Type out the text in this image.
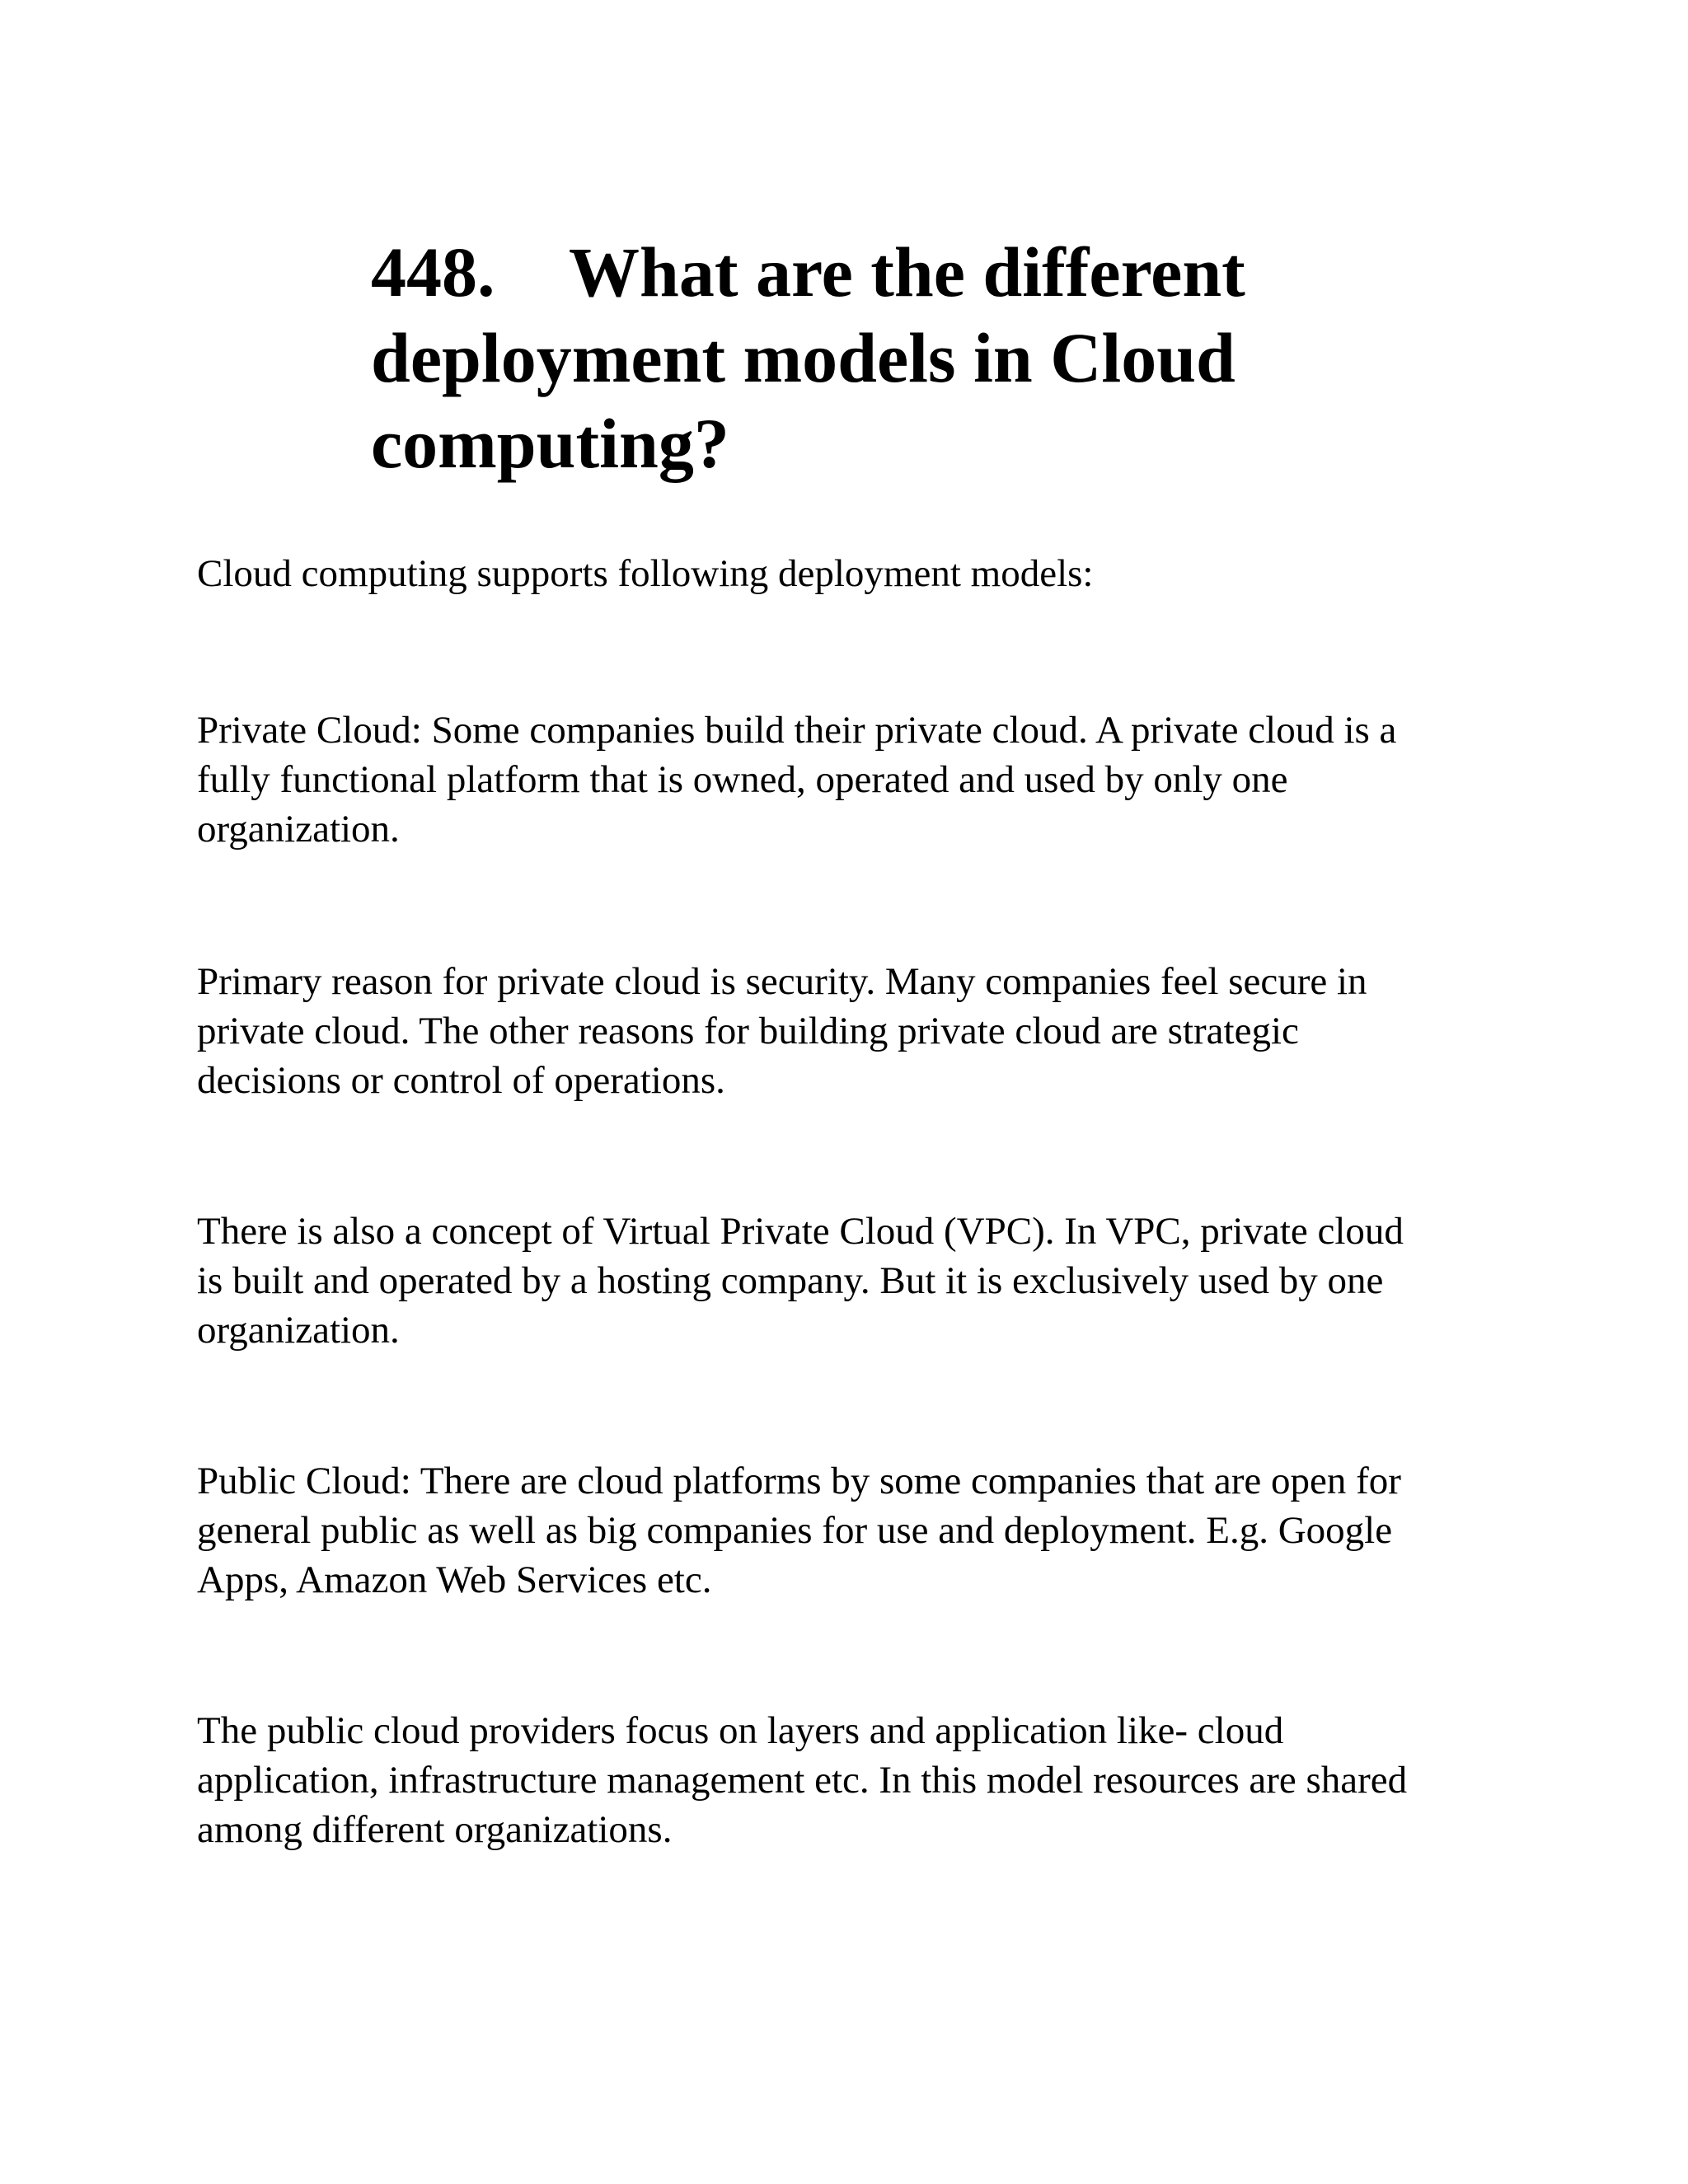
448. What are the different
deployment models in Cloud
computing?

Cloud computing supports following deployment models:

Private Cloud: Some companies build their private cloud. A private cloud is a
fully functional platform that is owned, operated and used by only one
organization.

Primary reason for private cloud is security. Many companies feel secure in
private cloud. The other reasons for building private cloud are strategic
decisions or control of operations.

There is also a concept of Virtual Private Cloud (VPC). In VPC, private cloud
is built and operated by a hosting company. But it is exclusively used by one
organization.

Public Cloud: There are cloud platforms by some companies that are open for
general public as well as big companies for use and deployment. E.g. Google
Apps, Amazon Web Services etc.

The public cloud providers focus on layers and application like- cloud
application, infrastructure management etc. In this model resources are shared
among different organizations.
